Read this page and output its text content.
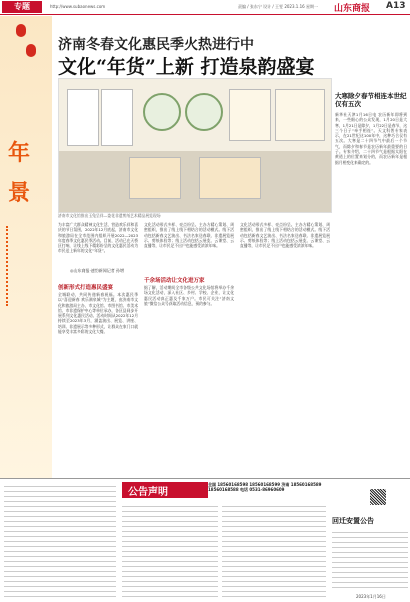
专题	http://www.subaonews.com	责编 / 张东宁 设计 / 王雯 2023.1.16 星期一 山东商报 A13
年
景
济南冬春文化惠民季火热进行中
文化“年货”上新 打造泉韵盛宴
济南市文化馆推出玉兔呈祥—姿花非遗剪纸艺术精品展览现场
为丰富广大群众精神文化生活，营造欢乐祥和喜庆的节日氛围，2022年12月底起，济南市文化和旅游局在全市范围内组织开展2022—2023年度春季文化惠民季活动。目前，活动已在天桥区打响，让线上线下精彩纷呈的文化惠民活动为市民送上新年的文化“年货”。
◎山东商报·速豹新闻记者 孙增
创新形式打造惠民盛宴
全城联动，共同传递新春祝福。本次惠民季以“喜迎新春 欢乐满泉城”为主题，由济南市文化和旅游局主办，市文化馆、市图书馆、市美术馆、市非遗保护中心等单位承办，各区县同步开展系列文化惠民活动。活动时间从2022年12月持续至2023年3月，涵盖演出、展览、讲座、培训、非遗展示等多种形式，让群众在家门口就能享受丰富多彩的文化大餐。
文化活动形式多样、亮点纷呈。主办方精心策划、周密组织，推出了线上线下相结合的活动模式。线下活动包括新春文艺演出、书法名家送春联、非遗展览展示、剪纸体验等；线上活动包括云展览、云课堂、云直播等，让市民足不出户也能感受浓浓年味。
千余场活动让文化进万家
据了解，活动期间全市各级公共文化场馆将举办千余场文化活动，深入社区、乡村、学校、企业，让文化惠民活动真正惠及千家万户。市民可关注“济南文旅”微信公众号获取活动信息，预约参与。
文化活动形式多样、亮点纷呈。主办方精心策划、周密组织，推出了线上线下相结合的活动模式。线下活动包括新春文艺演出、书法名家送春联、非遗展览展示、剪纸体验等；线上活动包括云展览、云课堂、云直播等，让市民足不出户也能感受浓浓年味。
大寒除夕春节相连本世纪仅有五次
新华社天津1月16日电 农历新年即将到来，一些细心的公众发现，1月20日是大寒，1月21日是除夕，1月22日是春节，这三个日子“牵手相连”。天文科普专家表示，在21世纪这100年中，这种巧合仅有五次。大寒是二十四节气中最后一个节气，而除夕和春节是农历新年最重要的日子。专家介绍，二十四节气是根据太阳在黄道上的位置来划分的，而农历新年是根据月相变化来确定的。
公告声明
全国 18560168598 18560168599 济南 18560168589 18560168588 电话 0531-86960609
回迁安置公告
2023年1月16日
